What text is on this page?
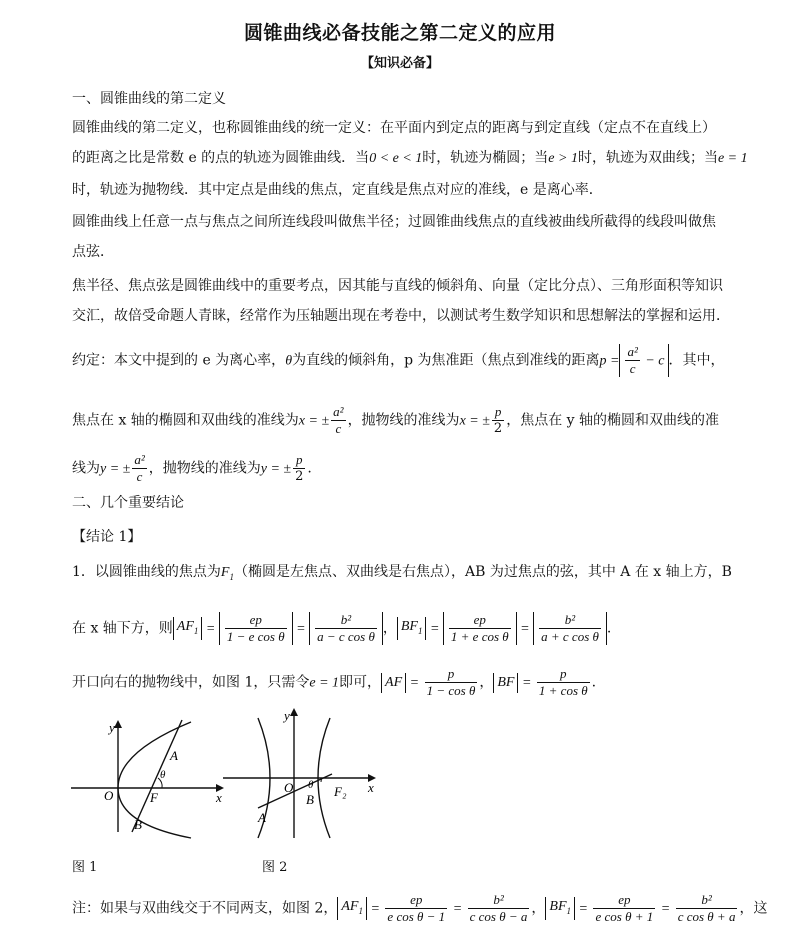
圆锥曲线必备技能之第二定义的应用
【知识必备】
一、圆锥曲线的第二定义
圆锥曲线的第二定义，也称圆锥曲线的统一定义：在平面内到定点的距离与到定直线（定点不在直线上）
的距离之比是常数 e 的点的轨迹为圆锥曲线．当0 < e < 1时，轨迹为椭圆；当e > 1时，轨迹为双曲线；当e = 1
时，轨迹为抛物线．其中定点是曲线的焦点，定直线是焦点对应的准线，e 是离心率．
圆锥曲线上任意一点与焦点之间所连线段叫做焦半径；过圆锥曲线焦点的直线被曲线所截得的线段叫做焦
点弦．
焦半径、焦点弦是圆锥曲线中的重要考点，因其能与直线的倾斜角、向量（定比分点）、三角形面积等知识
交汇，故倍受命题人青睐，经常作为压轴题出现在考卷中，以测试考生数学知识和思想解法的掌握和运用．
约定：本文中提到的 e 为离心率，θ为直线的倾斜角，p 为焦准距（焦点到准线的距离$p = \frac{\text{a²}}{c} - c$ ．其中，
焦点在 x 轴的椭圆和双曲线的准线为x = ± $\frac{\text{a²}}{c}$ ，抛物线的准线为x = ± $\frac{p}{2}$ ，焦点在 y 轴的椭圆和双曲线的准
线为y = ± $\frac{\text{a²}}{c}$ ，抛物线的准线为y = ± $\frac{p}{2}$ .
二、几个重要结论
【结论 1】
1．以圆锥曲线的焦点为$F_1$（椭圆是左焦点、双曲线是右焦点），AB 为过焦点的弦，其中 A 在 x 轴上方，B
在 x 轴下方，则 $AF_1 = \frac{ep}{\text{1 − e cos θ}} = \frac{\text{b²}}{\text{a − c cos θ}}$ ， $BF_1 = \frac{ep}{\text{1 + e cos θ}} = \frac{\text{b²}}{\text{a + c cos θ}}$ .
开口向右的抛物线中，如图 1，只需令e = 1即可， AF = $\frac{p}{\text{1 − cos θ}}$ ， BF = $\frac{p}{\text{1 + cos θ}}$ .
y
x
O
A
B
F
θ
y
x
O
A
B
F₂
θ
图 1	图 2
注：如果与双曲线交于不同两支，如图 2， $AF_1 = \frac{ep}{\text{e cos θ − 1}} = \frac{\text{b²}}{\text{c cos θ − a}}$ ， $BF_1 = \frac{ep}{\text{e cos θ + 1}} = \frac{\text{b²}}{\text{c cos θ + a}}$ ，这
